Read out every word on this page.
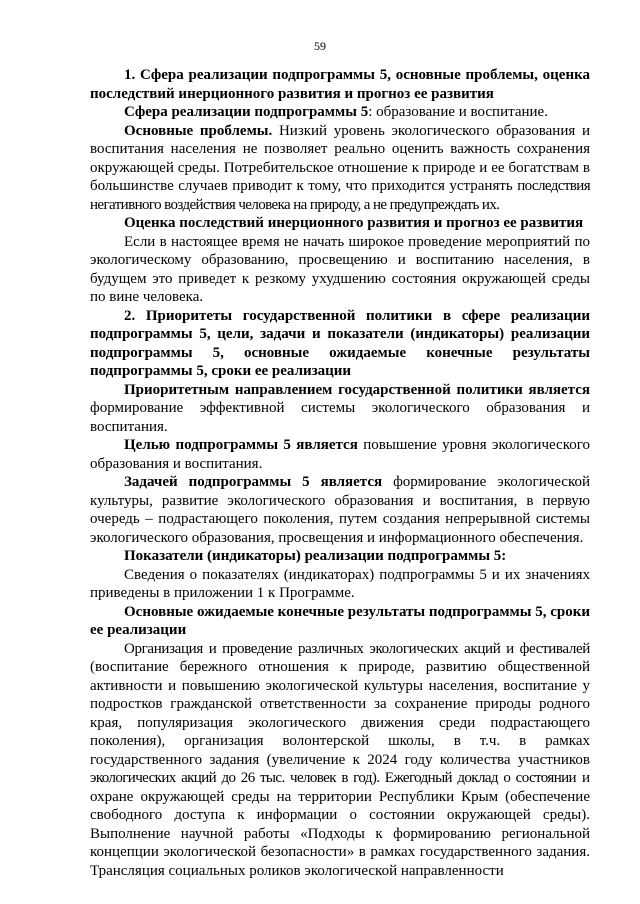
59

1. Сфера реализации подпрограммы 5, основные проблемы, оценка последствий инерционного развития и прогноз ее развития

Сфера реализации подпрограммы 5: образование и воспитание.

Основные проблемы. Низкий уровень экологического образования и воспитания населения не позволяет реально оценить важность сохранения окружающей среды. Потребительское отношение к природе и ее богатствам в большинстве случаев приводит к тому, что приходится устранять последствия негативного воздействия человека на природу, а не предупреждать их.

Оценка последствий инерционного развития и прогноз ее развития

Если в настоящее время не начать широкое проведение мероприятий по экологическому образованию, просвещению и воспитанию населения, в будущем это приведет к резкому ухудшению состояния окружающей среды по вине человека.

2. Приоритеты государственной политики в сфере реализации подпрограммы 5, цели, задачи и показатели (индикаторы) реализации подпрограммы 5, основные ожидаемые конечные результаты подпрограммы 5, сроки ее реализации

Приоритетным направлением государственной политики является формирование эффективной системы экологического образования и воспитания.

Целью подпрограммы 5 является повышение уровня экологического образования и воспитания.

Задачей подпрограммы 5 является формирование экологической культуры, развитие экологического образования и воспитания, в первую очередь – подрастающего поколения, путем создания непрерывной системы экологического образования, просвещения и информационного обеспечения.

Показатели (индикаторы) реализации подпрограммы 5:

Сведения о показателях (индикаторах) подпрограммы 5 и их значениях приведены в приложении 1 к Программе.

Основные ожидаемые конечные результаты подпрограммы 5, сроки ее реализации

Организация и проведение различных экологических акций и фестивалей (воспитание бережного отношения к природе, развитию общественной активности и повышению экологической культуры населения, воспитание у подростков гражданской ответственности за сохранение природы родного края, популяризация экологического движения среди подрастающего поколения), организация волонтерской школы, в т.ч. в рамках государственного задания (увеличение к 2024 году количества участников экологических акций до 26 тыс. человек в год). Ежегодный доклад о состоянии и охране окружающей среды на территории Республики Крым (обеспечение свободного доступа к информации о состоянии окружающей среды). Выполнение научной работы «Подходы к формированию региональной концепции экологической безопасности» в рамках государственного задания. Трансляция социальных роликов экологической направленности
